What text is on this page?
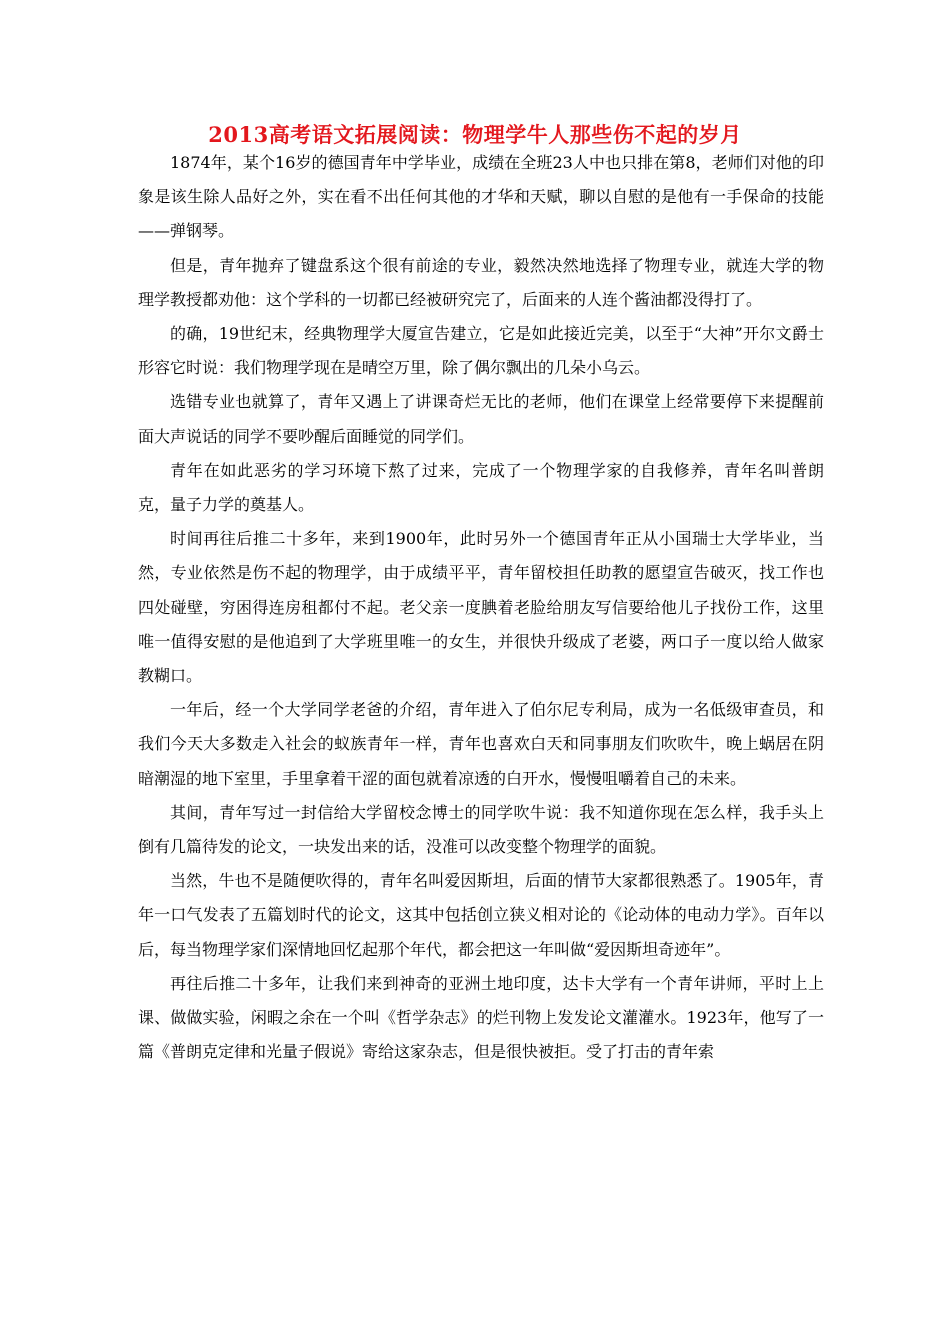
2013高考语文拓展阅读：物理学牛人那些伤不起的岁月

1874年，某个16岁的德国青年中学毕业，成绩在全班23人中也只排在第8，老师们对他的印象是该生除人品好之外，实在看不出任何其他的才华和天赋，聊以自慰的是他有一手保命的技能——弹钢琴。

但是，青年抛弃了键盘系这个很有前途的专业，毅然决然地选择了物理专业，就连大学的物理学教授都劝他：这个学科的一切都已经被研究完了，后面来的人连个酱油都没得打了。

的确，19世纪末，经典物理学大厦宣告建立，它是如此接近完美，以至于“大神”开尔文爵士形容它时说：我们物理学现在是晴空万里，除了偶尔飘出的几朵小乌云。

选错专业也就算了，青年又遇上了讲课奇烂无比的老师，他们在课堂上经常要停下来提醒前面大声说话的同学不要吵醒后面睡觉的同学们。

青年在如此恶劣的学习环境下熬了过来，完成了一个物理学家的自我修养，青年名叫普朗克，量子力学的奠基人。

时间再往后推二十多年，来到1900年，此时另外一个德国青年正从小国瑞士大学毕业，当然，专业依然是伤不起的物理学，由于成绩平平，青年留校担任助教的愿望宣告破灭，找工作也四处碰壁，穷困得连房租都付不起。老父亲一度腆着老脸给朋友写信要给他儿子找份工作，这里唯一值得安慰的是他追到了大学班里唯一的女生，并很快升级成了老婆，两口子一度以给人做家教糊口。

一年后，经一个大学同学老爸的介绍，青年进入了伯尔尼专利局，成为一名低级审查员，和我们今天大多数走入社会的蚁族青年一样，青年也喜欢白天和同事朋友们吹吹牛，晚上蜗居在阴暗潮湿的地下室里，手里拿着干涩的面包就着凉透的白开水，慢慢咀嚼着自己的未来。

其间，青年写过一封信给大学留校念博士的同学吹牛说：我不知道你现在怎么样，我手头上倒有几篇待发的论文，一块发出来的话，没准可以改变整个物理学的面貌。

当然，牛也不是随便吹得的，青年名叫爱因斯坦，后面的情节大家都很熟悉了。1905年，青年一口气发表了五篇划时代的论文，这其中包括创立狭义相对论的《论动体的电动力学》。百年以后，每当物理学家们深情地回忆起那个年代，都会把这一年叫做“爱因斯坦奇迹年”。

再往后推二十多年，让我们来到神奇的亚洲土地印度，达卡大学有一个青年讲师，平时上上课、做做实验，闲暇之余在一个叫《哲学杂志》的烂刊物上发发论文灌灌水。1923年，他写了一篇《普朗克定律和光量子假说》寄给这家杂志，但是很快被拒。受了打击的青年索
